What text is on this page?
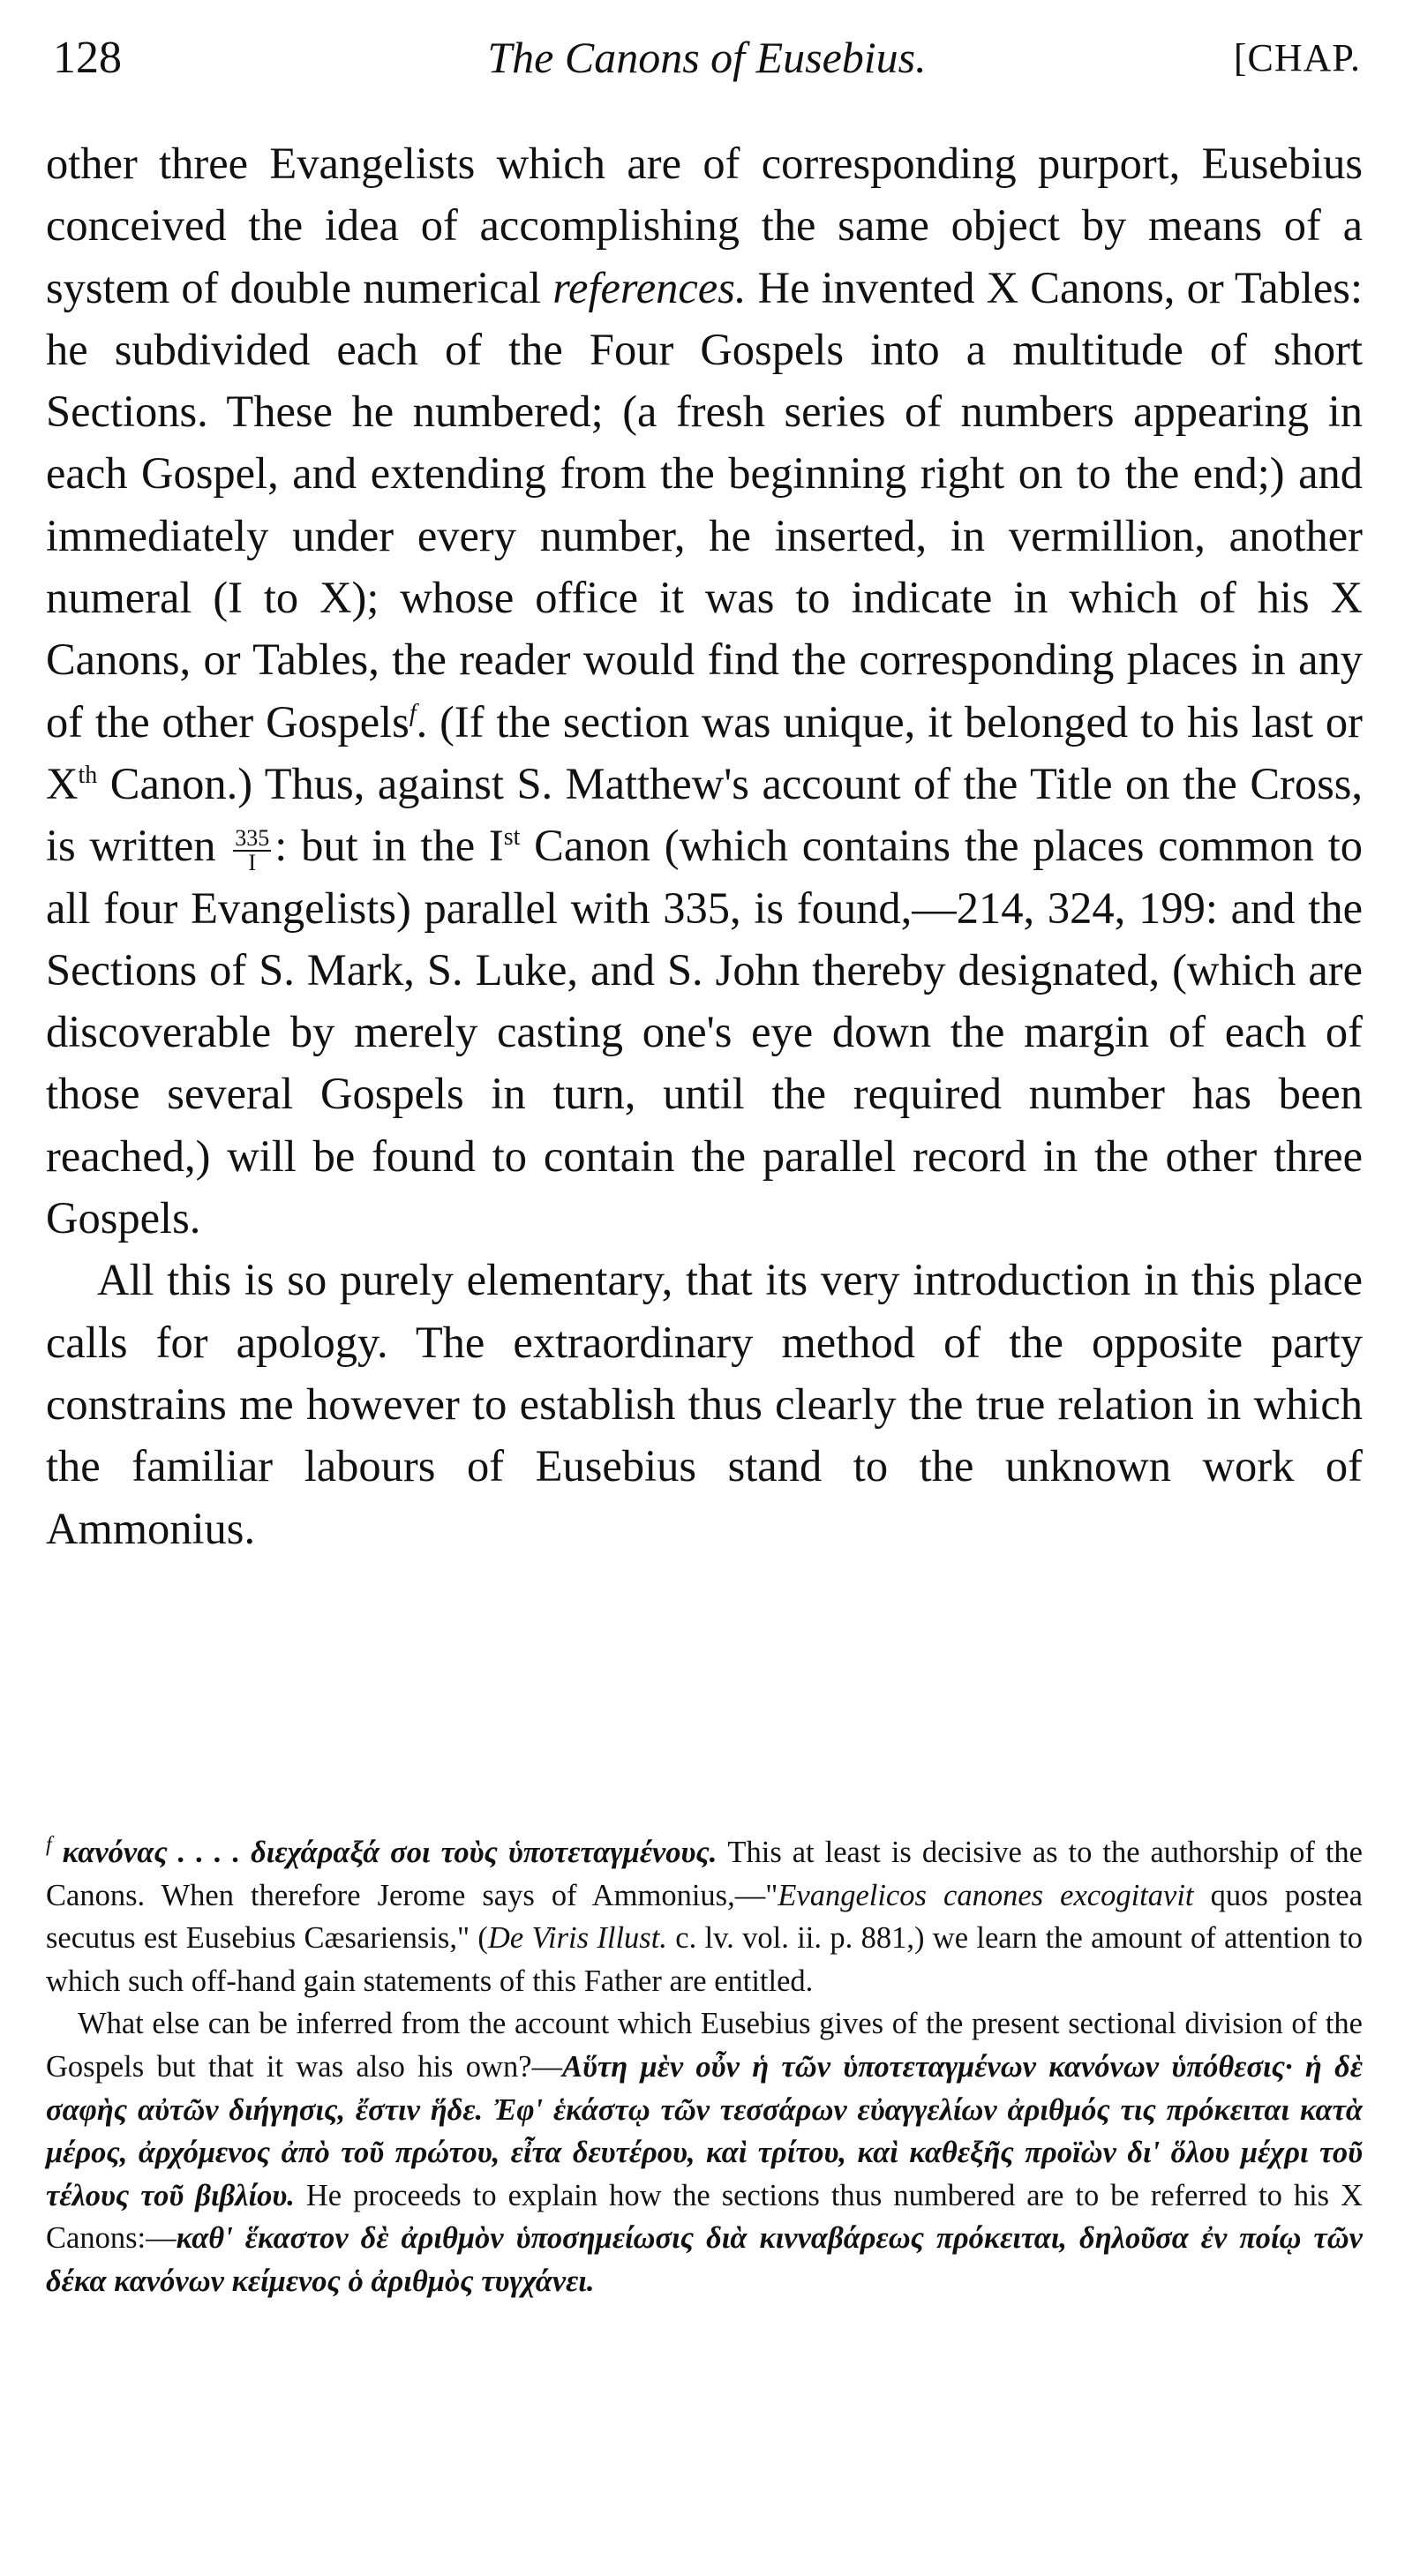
128	The Canons of Eusebius.	[CHAP.

other three Evangelists which are of corresponding purport, Eusebius conceived the idea of accomplishing the same object by means of a system of double numerical references. He invented X Canons, or Tables: he subdivided each of the Four Gospels into a multitude of short Sections. These he numbered; (a fresh series of numbers appearing in each Gospel, and extending from the beginning right on to the end;) and immediately under every number, he inserted, in vermillion, another numeral (I to X); whose office it was to indicate in which of his X Canons, or Tables, the reader would find the corresponding places in any of the other Gospels$^f$. (If the section was unique, it belonged to his last or Xth Canon.) Thus, against S. Matthew's account of the Title on the Cross, is written $\frac{335}{I}$ : but in the Ist Canon (which contains the places common to all four Evangelists) parallel with 335, is found,—214, 324, 199: and the Sections of S. Mark, S. Luke, and S. John thereby designated, (which are discoverable by merely casting one's eye down the margin of each of those several Gospels in turn, until the required number has been reached,) will be found to contain the parallel record in the other three Gospels.

All this is so purely elementary, that its very introduction in this place calls for apology. The extraordinary method of the opposite party constrains me however to establish thus clearly the true relation in which the familiar labours of Eusebius stand to the unknown work of Ammonius.

$^f$ κανόνας . . . . διεχάραξά σοι τοὺς ὑποτεταγμένους. This at least is decisive as to the authorship of the Canons. When therefore Jerome says of Ammonius,—"Evangelicos canones excogitavit quos postea secutus est Eusebius Cæsariensis," (De Viris Illust. c. lv. vol. ii. p. 881,) we learn the amount of attention to which such off-hand gain statements of this Father are entitled.

What else can be inferred from the account which Eusebius gives of the present sectional division of the Gospels but that it was also his own?—Αὕτη μὲν οὖν ἡ τῶν ὑποτεταγμένων κανόνων ὑπόθεσις· ἡ δὲ σαφὴς αὐτῶν διήγησις, ἔστιν ἥδε. Ἐφ' ἑκάστῳ τῶν τεσσάρων εὐαγγελίων ἀριθμός τις πρόκειται κατὰ μέρος, ἀρχόμενος ἀπὸ τοῦ πρώτου, εἶτα δευτέρου, καὶ τρίτου, καὶ καθεξῆς προϊὼν δι' ὅλου μέχρι τοῦ τέλους τοῦ βιβλίου. He proceeds to explain how the sections thus numbered are to be referred to his X Canons:—καθ' ἕκαστον δὲ ἀριθμὸν ὑποσημείωσις διὰ κινναβάρεως πρόκειται, δηλοῦσα ἐν ποίῳ τῶν δέκα κανόνων κείμενος ὁ ἀριθμὸς τυγχάνει.
